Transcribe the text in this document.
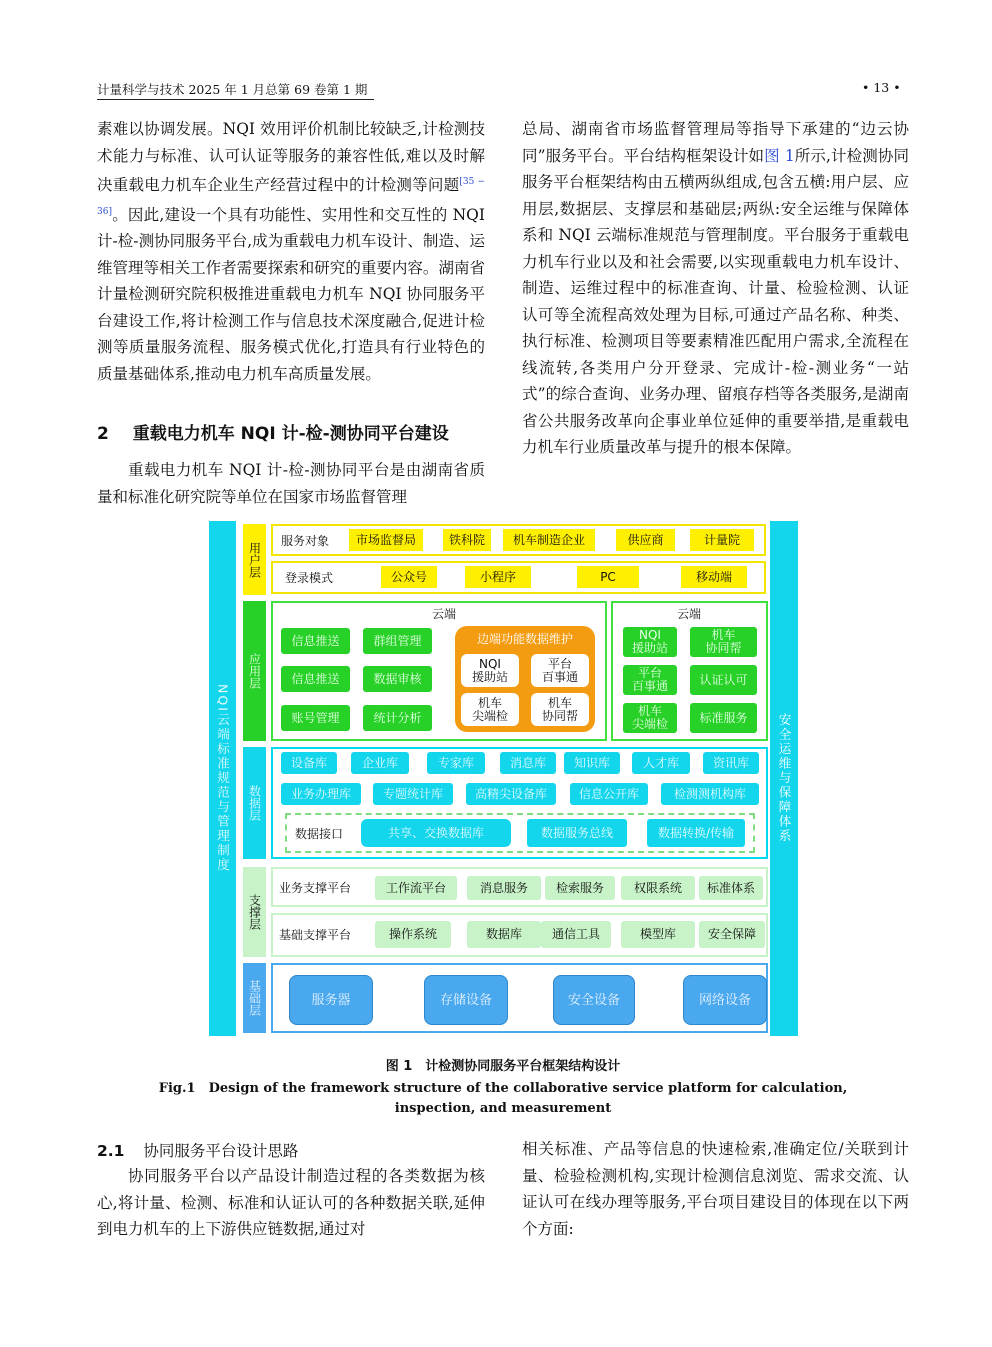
计量科学与技术 2025 年 1 月总第 69 卷第 1 期	• 13 •

素难以协调发展。NQI 效用评价机制比较缺乏,计检测技术能力与标准、认可认证等服务的兼容性低,难以及时解决重载电力机车企业生产经营过程中的计检测等问题[35 − 36]。因此,建设一个具有功能性、实用性和交互性的 NQI 计-检-测协同服务平台,成为重载电力机车设计、制造、运维管理等相关工作者需要探索和研究的重要内容。湖南省计量检测研究院积极推进重载电力机车 NQI 协同服务平台建设工作,将计检测工作与信息技术深度融合,促进计检测等质量服务流程、服务模式优化,打造具有行业特色的质量基础体系,推动电力机车高质量发展。

2 重载电力机车 NQI 计-检-测协同平台建设

重载电力机车 NQI 计-检-测协同平台是由湖南省质量和标准化研究院等单位在国家市场监督管理

总局、湖南省市场监督管理局等指导下承建的“边云协同”服务平台。平台结构框架设计如图 1所示,计检测协同服务平台框架结构由五横两纵组成,包含五横:用户层、应用层,数据层、支撑层和基础层;两纵:安全运维与保障体系和 NQI 云端标准规范与管理制度。平台服务于重载电力机车行业以及和社会需要,以实现重载电力机车设计、制造、运维过程中的标准查询、计量、检验检测、认证认可等全流程高效处理为目标,可通过产品名称、种类、执行标准、检测项目等要素精准匹配用户需求,全流程在线流转,各类用户分开登录、完成计-检-测业务“一站式”的综合查询、业务办理、留痕存档等各类服务,是湖南省公共服务改革向企事业单位延伸的重要举措,是重载电力机车行业质量改革与提升的根本保障。

NQI云端标准规范与管理制度	安全运维与保障体系
用户层
服务对象	市场监督局	铁科院	机车制造企业	供应商	计量院
登录模式	公众号	小程序	PC	移动端
应用层
云端
信息推送	群组管理
信息推送	数据审核
账号管理	统计分析
边端功能数据维护
NQI
援助站
平台
百事通
机车
尖端检
机车
协同帮
云端
NQI
援助站
机车
协同帮
平台
百事通	认证认可
机车
尖端检	标准服务
数据层
设备库	企业库	专家库	消息库	知识库	人才库	资讯库
业务办理库	专题统计库	高精尖设备库	信息公开库	检测测机构库
数据接口	共享、交换数据库	数据服务总线	数据转换/传输
支撑层
业务支撑平台	工作流平台	消息服务	检索服务	权限系统	标准体系
基础支撑平台	操作系统	数据库	通信工具	模型库	安全保障
基础层	服务器	存储设备	安全设备	网络设备
图 1　计检测协同服务平台框架结构设计
Fig.1　Design of the framework structure of the collaborative service platform for calculation, inspection, and measurement
2.1 协同服务平台设计思路

协同服务平台以产品设计制造过程的各类数据为核心,将计量、检测、标准和认证认可的各种数据关联,延伸到电力机车的上下游供应链数据,通过对

相关标准、产品等信息的快速检索,准确定位/关联到计量、检验检测机构,实现计检测信息浏览、需求交流、认证认可在线办理等服务,平台项目建设目的体现在以下两个方面:
